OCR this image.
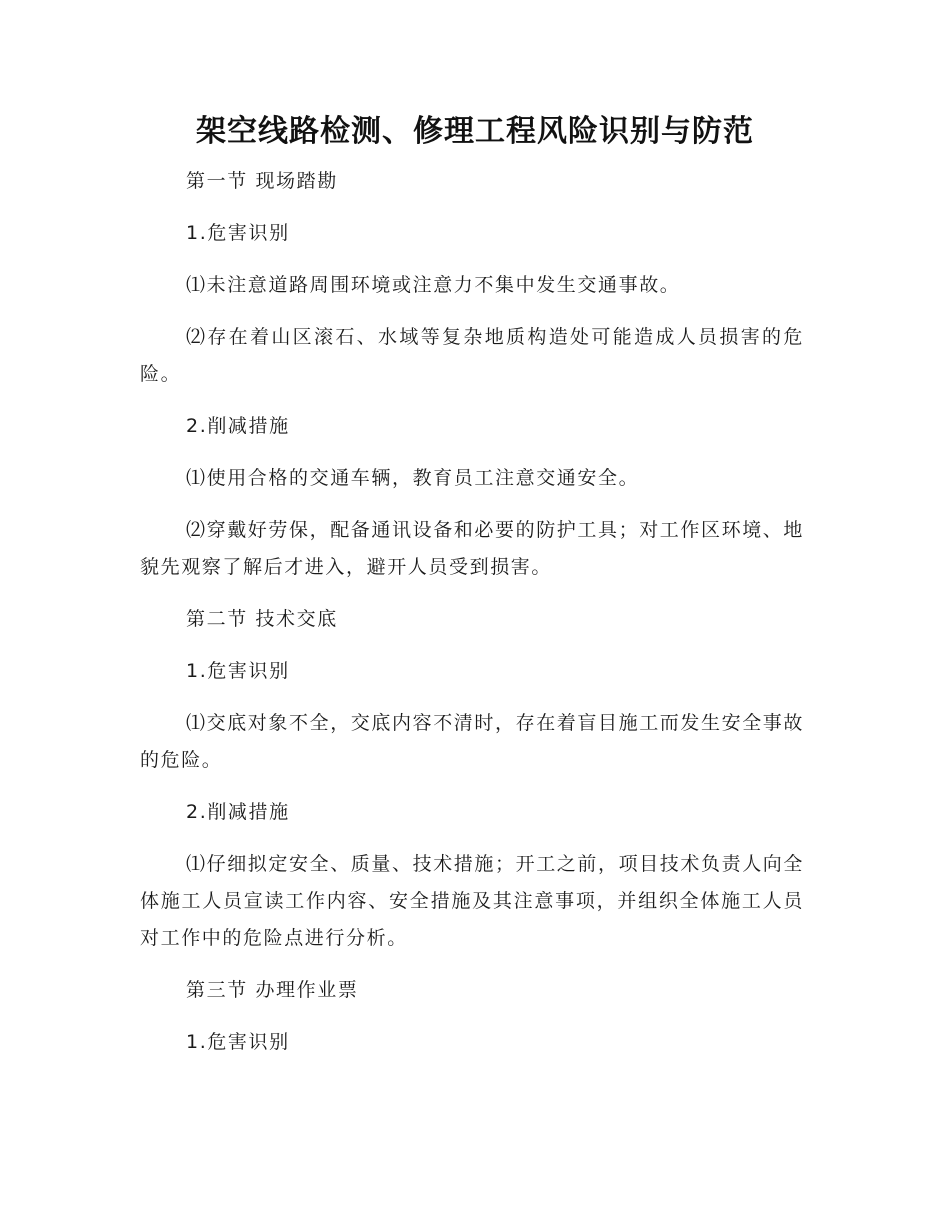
架空线路检测、修理工程风险识别与防范

第一节 现场踏勘

1.危害识别

⑴未注意道路周围环境或注意力不集中发生交通事故。

⑵存在着山区滚石、水域等复杂地质构造处可能造成人员损害的危险。

2.削减措施

⑴使用合格的交通车辆，教育员工注意交通安全。

⑵穿戴好劳保，配备通讯设备和必要的防护工具；对工作区环境、地貌先观察了解后才进入，避开人员受到损害。

第二节 技术交底

1.危害识别

⑴交底对象不全，交底内容不清时，存在着盲目施工而发生安全事故的危险。

2.削减措施

⑴仔细拟定安全、质量、技术措施；开工之前，项目技术负责人向全体施工人员宣读工作内容、安全措施及其注意事项，并组织全体施工人员对工作中的危险点进行分析。

第三节 办理作业票

1.危害识别
